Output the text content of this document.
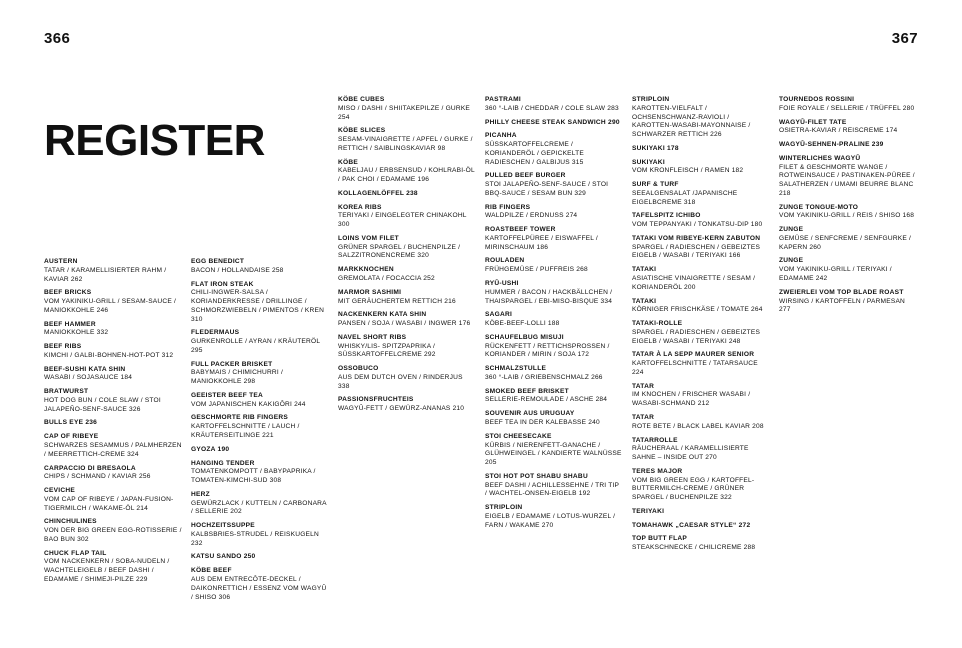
366	367
REGISTER
AUSTERN
TATAR / KARAMELLISIERTER RAHM / KAVIAR 262
BEEF BRICKS
VOM YAKINIKU-GRILL / SESAM-SAUCE / MANIOKKOHLE 246
BEEF HAMMER
MANIOKKOHLE 332
BEEF RIBS
KIMCHI / GALBI-BOHNEN-HOT-POT 312
BEEF-SUSHI KATA SHIN
WASABI / SOJASAUCE 184
BRATWURST
HOT DOG BUN / COLE SLAW / STOI JALAPEÑO-SENF-SAUCE 326
BULLS EYE 236
CAP OF RIBEYE
SCHWARZES SESAMMUS / PALMHERZEN / MEERRETTICH-CREME 324
CARPACCIO DI BRESAOLA
CHIPS / SCHMAND / KAVIAR 256
CEVICHE
VOM CAP OF RIBEYE / JAPAN-FUSION-TIGERMILCH / WAKAME-ÖL 214
CHINCHULINES
VON DER BIG GREEN EGG-ROTISSERIE / BAO BUN 302
CHUCK FLAP TAIL
VOM NACKENKERN / SOBA-NUDELN / WACHTELEIGELB / BEEF DASHI / EDAMAME / SHIMEJI-PILZE 229
EGG BENEDICT
BACON / HOLLANDAISE 258
FLAT IRON STEAK
CHILI-INGWER-SALSA / KORIANDERKRESSE / DRILLINGE / SCHMORZWIEBELN / PIMENTOS / KREN 310
FLEDERMAUS
GURKENROLLE / AYRAN / KRÄUTERÖL 295
FULL PACKER BRISKET
BABYMAIS / CHIMICHURRI / MANIOKKOHLE 298
GEEISTER BEEF TEA
VOM JAPANISCHEN KAKIGŌRI 244
GESCHMORTE RIB FINGERS
KARTOFFELSCHNITTE / LAUCH / KRÄUTERSEITLINGE 221
GYOZA 190
HANGING TENDER
TOMATENKOMPOTT / BABYPAPRIKA / TOMATEN-KIMCHI-SUD 308
HERZ
GEWÜRZLACK / KUTTELN / CARBONARA / SELLERIE 202
HOCHZEITSSUPPE
KALBSBRIES-STRUDEL / REISKUGELN 232
KATSU SANDO 250
KÖBE BEEF
AUS DEM ENTRECÔTE-DECKEL / DAIKONRETTICH / ESSENZ VOM WAGYŪ / SHISO 306
KÖBE CUBES
MISO / DASHI / SHIITAKEPILZE / GURKE 254
KÖBE SLICES
SESAM-VINAIGRETTE / APFEL / GURKE / RETTICH / SAIBLINGSKAVIAR 98
KÖBE
KABELJAU / ERBSENSUD / KOHLRABI-ÖL / PAK CHOI / EDAMAME 196
KOLLAGENLÖFFEL 238
KOREA RIBS
TERIYAKI / EINGELEGTER CHINAKOHL 300
LOINS VOM FILET
GRÜNER SPARGEL / BUCHENPILZE / SALZZITRONENCREME 320
MARKKNOCHEN
GREMOLATA / FOCACCIA 252
MARMOR SASHIMI
MIT GERÄUCHERTEM RETTICH 216
NACKENKERN KATA SHIN
PANSEN / SOJA / WASABI / INGWER 176
NAVEL SHORT RIBS
WHISKY/LIS- SPITZPAPRIKA / SÜSSKARTOFFELCREME 292
OSSOBUCO
AUS DEM DUTCH OVEN / RINDERJUS 338
PASSIONSFRUCHTEIS
WAGYŪ-FETT / GEWÜRZ-ANANAS 210
PASTRAMI
360 °-LAIB / CHEDDAR / COLE SLAW 283
PHILLY CHEESE STEAK SANDWICH 290
PICANHA
SÜSSKARTOFFELCREME / KORIANDERÖL / GEPICKELTE RADIESCHEN / GALBIJUS 315
PULLED BEEF BURGER
STOI JALAPEÑO-SENF-SAUCE / STOI BBQ-SAUCE / SESAM BUN 329
RIB FINGERS
WALDPILZE / ERDNUSS 274
ROASTBEEF TOWER
KARTOFFELPÜREE / EISWAFFEL / MIRINSCHAUM 186
ROULADEN
FRÜHGEMÜSE / PUFFREIS 268
RYŪ-USHI
HUMMER / BACON / HACKBÄLLCHEN / THAISPARGEL / EBI-MISO-BISQUE 334
SAGARI
KÖBE-BEEF-LOLLI 188
SCHAUFELBUG MISUJI
RÜCKENFETT / RETTICHSPROSSEN / KORIANDER / MIRIN / SOJA 172
SCHMALZSTULLE
360 °-LAIB / GRIEBENSCHMALZ 266
SMOKED BEEF BRISKET
SELLERIE-REMOULADE / ASCHE 284
SOUVENIR AUS URUGUAY
BEEF TEA IN DER KALEBASSE 240
STOI CHEESECAKE
KÜRBIS / NIERENFETT-GANACHE / GLÜHWEINGEL / KANDIERTE WALNÜSSE 205
STOI HOT POT SHABU SHABU
BEEF DASHI / ACHILLESSEHNE / TRI TIP / WACHTEL-ONSEN-EIGELB 192
STRIPLOIN
EIGELB / EDAMAME / LOTUS-WURZEL / FARN / WAKAME 270
STRIPLOIN
KAROTTEN-VIELFALT / OCHSENSCHWANZ-RAVIOLI / KAROTTEN-WASABI-MAYONNAISE / SCHWARZER RETTICH 226
SUKIYAKI 178
SUKIYAKI
VOM KRONFLEISCH / RAMEN 182
SURF & TURF
SEEALGENSALAT /JAPANISCHE EIGELBCREME 318
TAFELSPITZ ICHIBO
VOM TEPPANYAKI / TONKATSU-DIP 180
TATAKI VOM RIBEYE-KERN ZABUTON
SPARGEL / RADIESCHEN / GEBEIZTES EIGELB / WASABI / TERIYAKI 166
TATAKI
ASIATISCHE VINAIGRETTE / SESAM / KORIANDERÖL 200
TATAKI
KÖRNIGER FRISCHKÄSE / TOMATE 264
TATAKI-ROLLE
SPARGEL / RADIESCHEN / GEBEIZTES EIGELB / WASABI / TERIYAKI 248
TATAR À LA SEPP MAURER SENIOR
KARTOFFELSCHNITTE / TATARSAUCE 224
TATAR
IM KNOCHEN / FRISCHER WASABI / WASABI-SCHMAND 212
TATAR
ROTE BETE / BLACK LABEL KAVIAR 208
TATARROLLE
RÄUCHERAAL / KARAMELLISIERTE SAHNE – INSIDE OUT 270
TERES MAJOR
VOM BIG GREEN EGG / KARTOFFEL-BUTTERMILCH-CREME / GRÜNER SPARGEL / BUCHENPILZE 322
TERIYAKI
TOMAHAWK „CAESAR STYLE“ 272
TOP BUTT FLAP
STEAKSCHNECKE / CHILICREME 288
TOURNEDOS ROSSINI
FOIE ROYALE / SELLERIE / TRÜFFEL 280
WAGYŪ-FILET TATE
OSIETRA-KAVIAR / REISCREME 174
WAGYŪ-SEHNEN-PRALINE 239
WINTERLICHES WAGYŪ
FILET & GESCHMORTE WANGE / ROTWEINSAUCE / PASTINAKEN-PÜREE / SALATHERZEN / UMAMI BEURRE BLANC 218
ZUNGE TONGUE-MOTO
VOM YAKINIKU-GRILL / REIS / SHISO 168
ZUNGE
GEMÜSE / SENFCREME / SENFGURKE / KAPERN 260
ZUNGE
VOM YAKINIKU-GRILL / TERIYAKI / EDAMAME 242
ZWEIERLEI VOM TOP BLADE ROAST
WIRSING / KARTOFFELN / PARMESAN 277
